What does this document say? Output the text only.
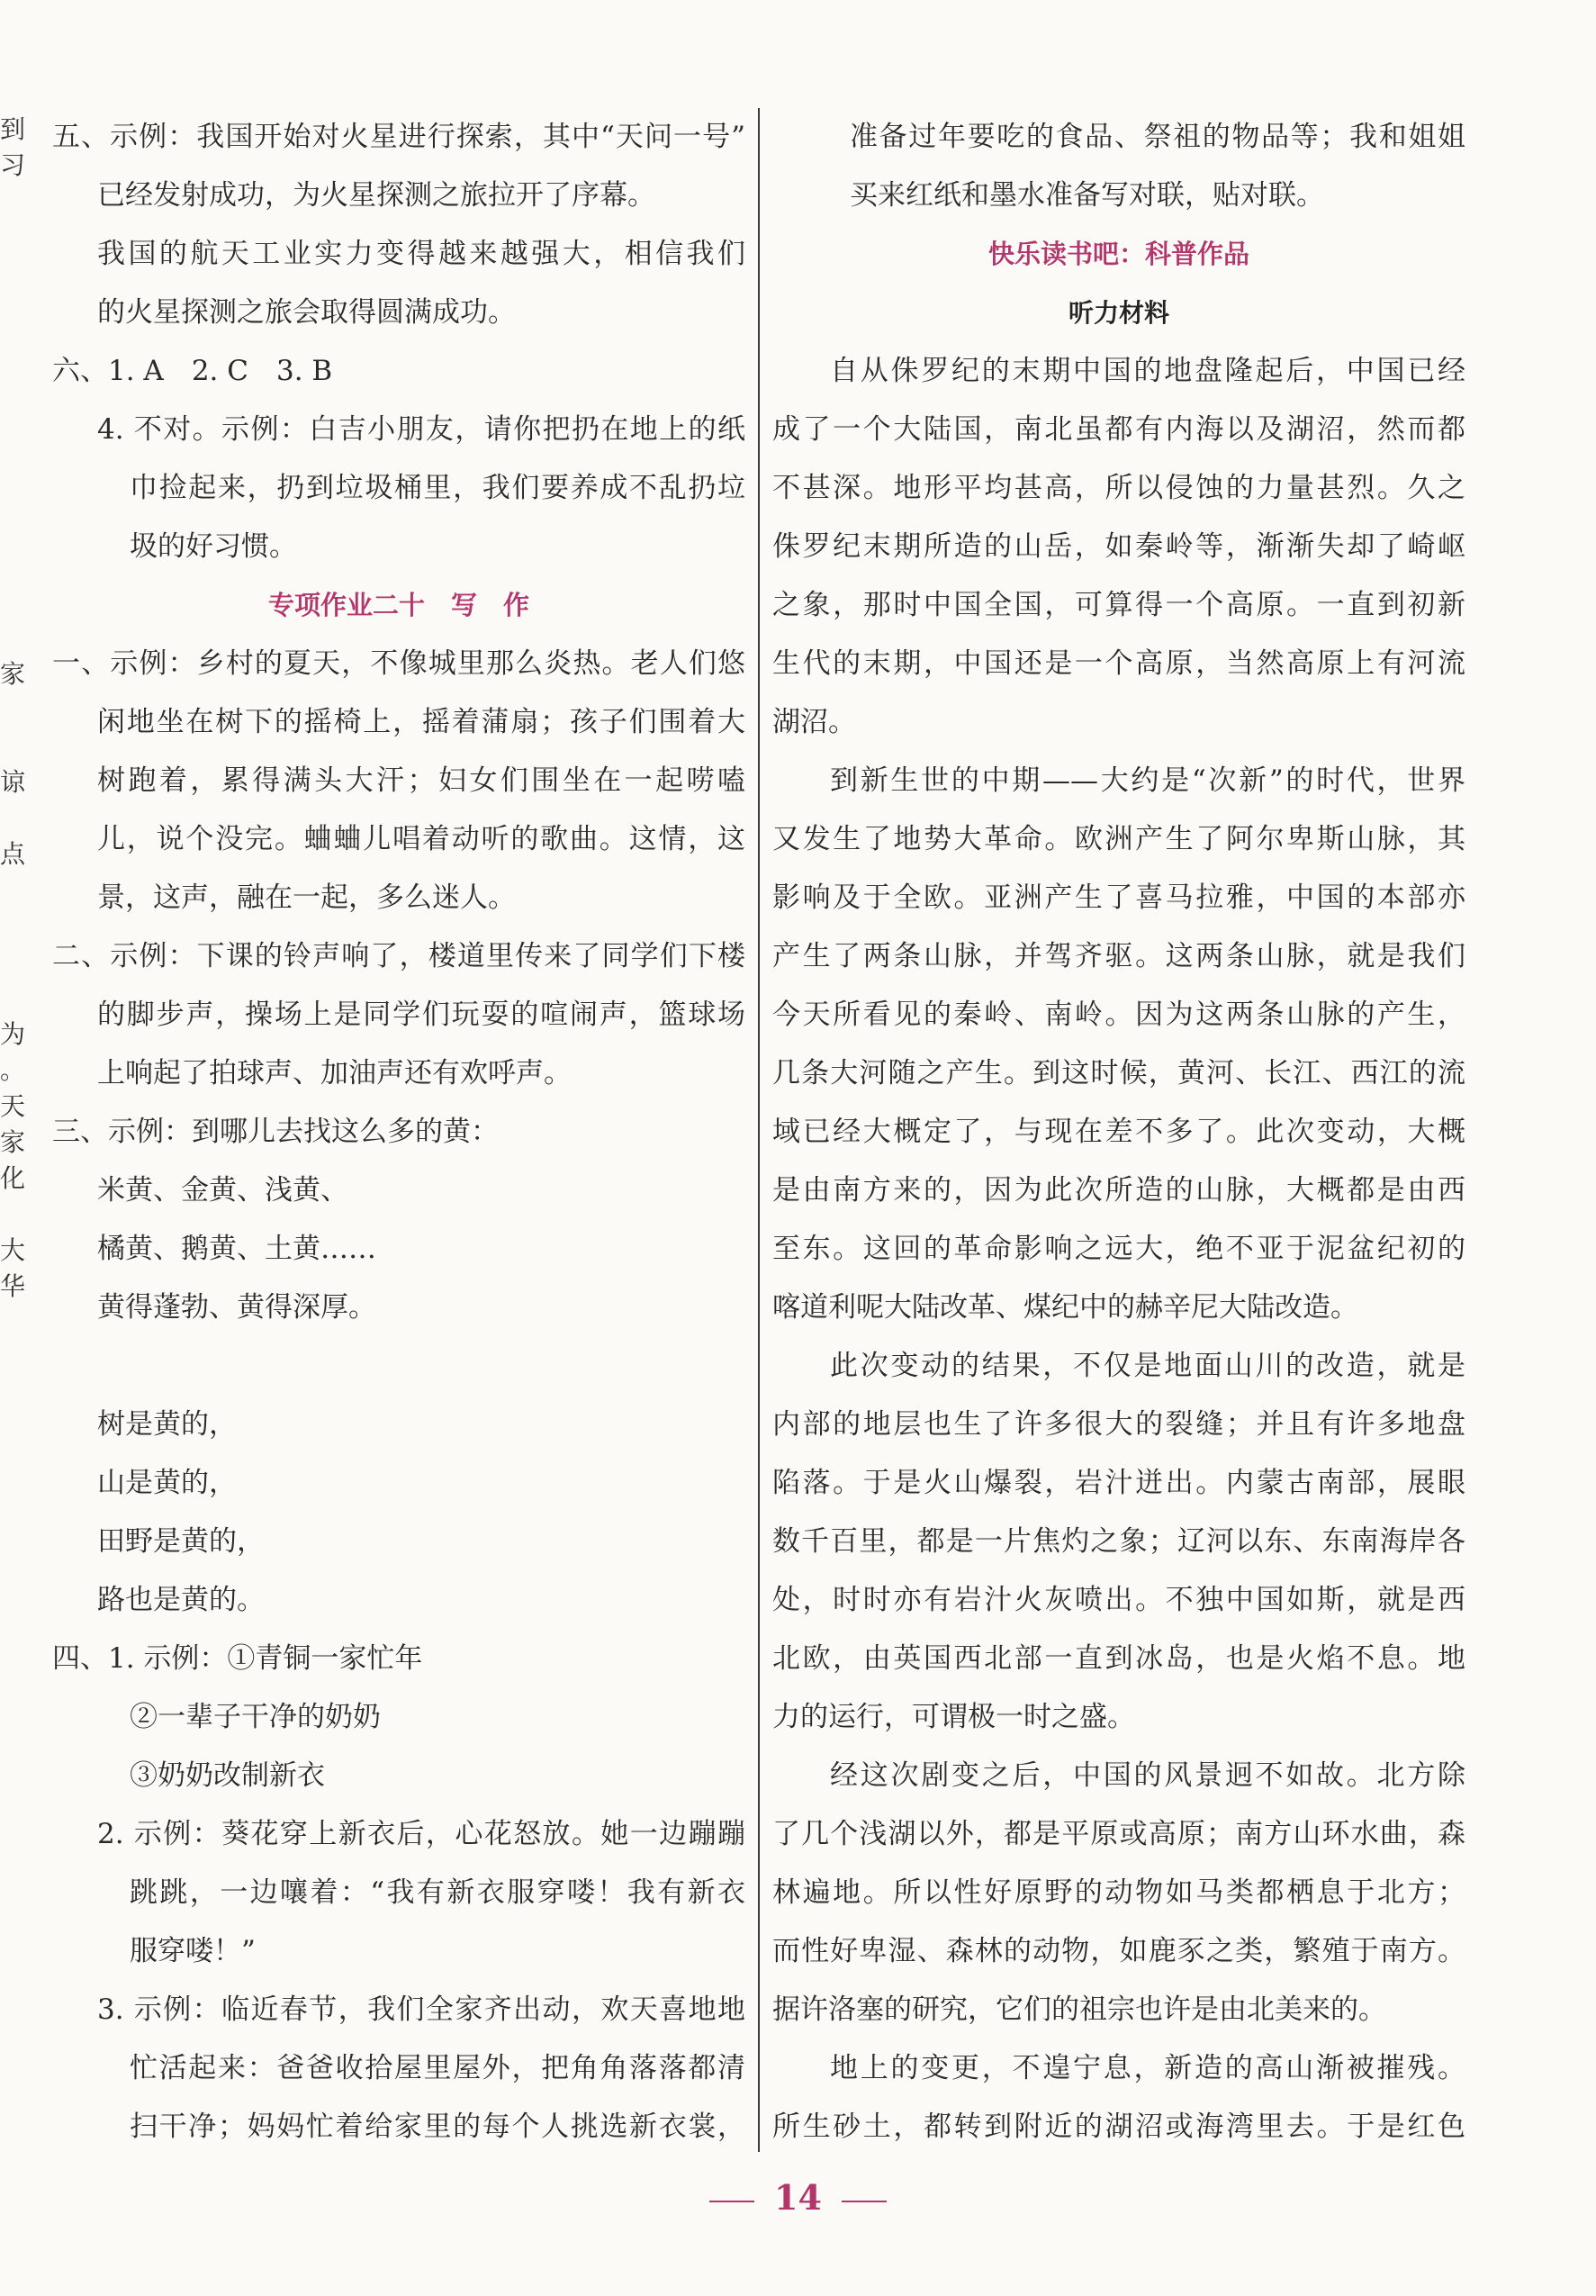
到
习
家
谅
点
为
。
天
家
化
大
华
五、示例：我国开始对火星进行探索，其中“天问一号”
已经发射成功，为火星探测之旅拉开了序幕。
我国的航天工业实力变得越来越强大，相信我们
的火星探测之旅会取得圆满成功。
六、1. A　2. C　3. B
4. 不对。示例：白吉小朋友，请你把扔在地上的纸
巾捡起来，扔到垃圾桶里，我们要养成不乱扔垃
圾的好习惯。
专项作业二十　写　作
一、示例：乡村的夏天，不像城里那么炎热。老人们悠
闲地坐在树下的摇椅上，摇着蒲扇；孩子们围着大
树跑着，累得满头大汗；妇女们围坐在一起唠嗑
儿，说个没完。蛐蛐儿唱着动听的歌曲。这情，这
景，这声，融在一起，多么迷人。
二、示例：下课的铃声响了，楼道里传来了同学们下楼
的脚步声，操场上是同学们玩耍的喧闹声，篮球场
上响起了拍球声、加油声还有欢呼声。
三、示例：到哪儿去找这么多的黄：
米黄、金黄、浅黄、
橘黄、鹅黄、土黄……
黄得蓬勃、黄得深厚。
树是黄的，
山是黄的，
田野是黄的，
路也是黄的。
四、1. 示例：①青铜一家忙年
②一辈子干净的奶奶
③奶奶改制新衣
2. 示例：葵花穿上新衣后，心花怒放。她一边蹦蹦
跳跳，一边嚷着：“我有新衣服穿喽！我有新衣
服穿喽！”
3. 示例：临近春节，我们全家齐出动，欢天喜地地
忙活起来：爸爸收拾屋里屋外，把角角落落都清
扫干净；妈妈忙着给家里的每个人挑选新衣裳，
准备过年要吃的食品、祭祖的物品等；我和姐姐
买来红纸和墨水准备写对联，贴对联。
快乐读书吧：科普作品
听力材料
自从侏罗纪的末期中国的地盘隆起后，中国已经
成了一个大陆国，南北虽都有内海以及湖沼，然而都
不甚深。地形平均甚高，所以侵蚀的力量甚烈。久之
侏罗纪末期所造的山岳，如秦岭等，渐渐失却了崎岖
之象，那时中国全国，可算得一个高原。一直到初新
生代的末期，中国还是一个高原，当然高原上有河流
湖沼。
到新生世的中期——大约是“次新”的时代，世界
又发生了地势大革命。欧洲产生了阿尔卑斯山脉，其
影响及于全欧。亚洲产生了喜马拉雅，中国的本部亦
产生了两条山脉，并驾齐驱。这两条山脉，就是我们
今天所看见的秦岭、南岭。因为这两条山脉的产生，
几条大河随之产生。到这时候，黄河、长江、西江的流
域已经大概定了，与现在差不多了。此次变动，大概
是由南方来的，因为此次所造的山脉，大概都是由西
至东。这回的革命影响之远大，绝不亚于泥盆纪初的
喀道利呢大陆改革、煤纪中的赫辛尼大陆改造。
此次变动的结果，不仅是地面山川的改造，就是
内部的地层也生了许多很大的裂缝；并且有许多地盘
陷落。于是火山爆裂，岩汁迸出。内蒙古南部，展眼
数千百里，都是一片焦灼之象；辽河以东、东南海岸各
处，时时亦有岩汁火灰喷出。不独中国如斯，就是西
北欧，由英国西北部一直到冰岛，也是火焰不息。地
力的运行，可谓极一时之盛。
经这次剧变之后，中国的风景迥不如故。北方除
了几个浅湖以外，都是平原或高原；南方山环水曲，森
林遍地。所以性好原野的动物如马类都栖息于北方；
而性好卑湿、森林的动物，如鹿豕之类，繁殖于南方。
据许洛塞的研究，它们的祖宗也许是由北美来的。
地上的变更，不遑宁息，新造的高山渐被摧残。
所生砂土，都转到附近的湖沼或海湾里去。于是红色
14
